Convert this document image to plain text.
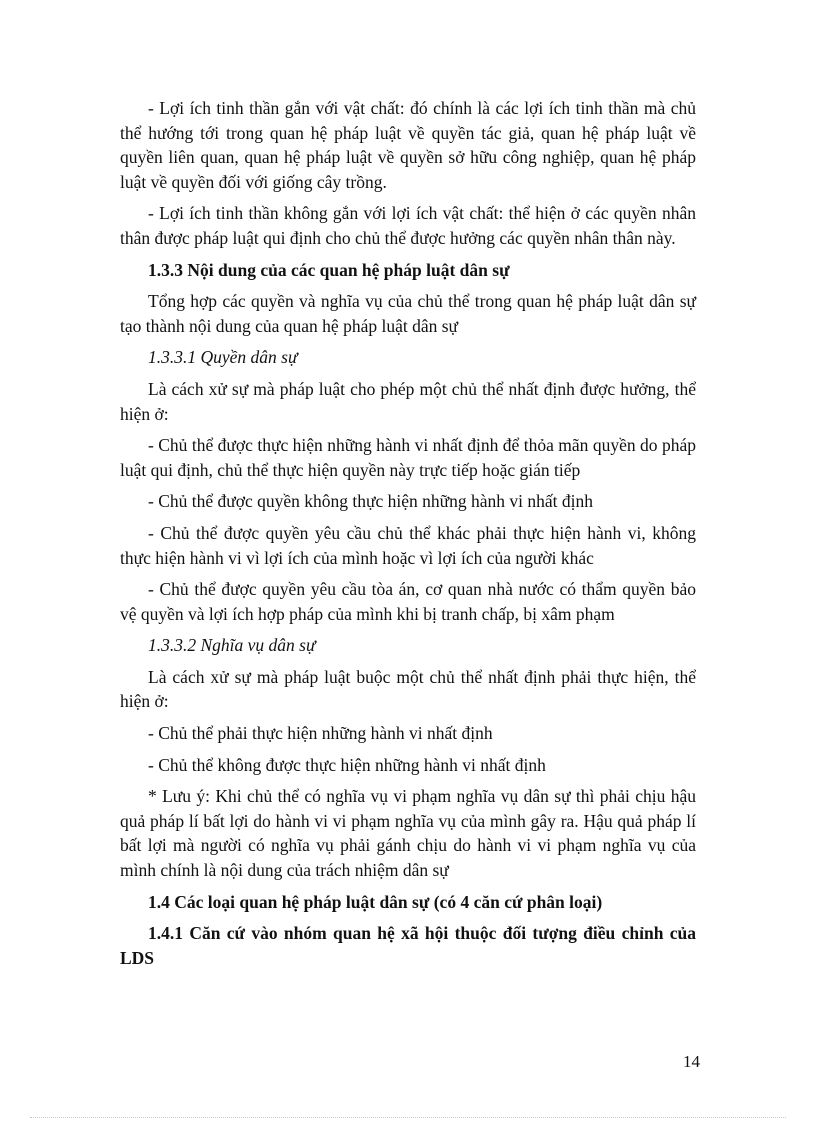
- Lợi ích tinh thần gắn với vật chất: đó chính là các lợi ích tinh thần mà chủ thể hướng tới trong quan hệ pháp luật về quyền tác giả, quan hệ pháp luật về quyền liên quan, quan hệ pháp luật về quyền sở hữu công nghiệp, quan hệ pháp luật về quyền đối với giống cây trồng.

- Lợi ích tinh thần không gắn với lợi ích vật chất: thể hiện ở các quyền nhân thân được pháp luật qui định cho chủ thể được hưởng các quyền nhân thân này.

1.3.3 Nội dung của các quan hệ pháp luật dân sự

Tổng hợp các quyền và nghĩa vụ của chủ thể trong quan hệ pháp luật dân sự tạo thành nội dung của quan hệ pháp luật dân sự

1.3.3.1 Quyền dân sự

Là cách xử sự mà pháp luật cho phép một chủ thể nhất định được hưởng, thể hiện ở:

- Chủ thể được thực hiện những hành vi nhất định để thỏa mãn quyền do pháp luật qui định, chủ thể thực hiện quyền này trực tiếp hoặc gián tiếp

- Chủ thể được quyền không thực hiện những hành vi nhất định

- Chủ thể được quyền yêu cầu chủ thể khác phải thực hiện hành vi, không thực hiện hành vi vì lợi ích của mình hoặc vì lợi ích của người khác

- Chủ thể được quyền yêu cầu tòa án, cơ quan nhà nước có thẩm quyền bảo vệ quyền và lợi ích hợp pháp của mình khi bị tranh chấp, bị xâm phạm

1.3.3.2 Nghĩa vụ dân sự

Là cách xử sự mà pháp luật buộc một chủ thể nhất định phải thực hiện, thể hiện ở:

- Chủ thể phải thực hiện những hành vi nhất định

- Chủ thể không được thực hiện những hành vi nhất định

* Lưu ý: Khi chủ thể có nghĩa vụ vi phạm nghĩa vụ dân sự thì phải chịu hậu quả pháp lí bất lợi do hành vi vi phạm nghĩa vụ của mình gây ra. Hậu quả pháp lí bất lợi mà người có nghĩa vụ phải gánh chịu do hành vi vi phạm nghĩa vụ của mình chính là nội dung của trách nhiệm dân sự

1.4 Các loại quan hệ pháp luật dân sự (có 4 căn cứ phân loại)

1.4.1 Căn cứ vào nhóm quan hệ xã hội thuộc đối tượng điều chỉnh của LDS

14
